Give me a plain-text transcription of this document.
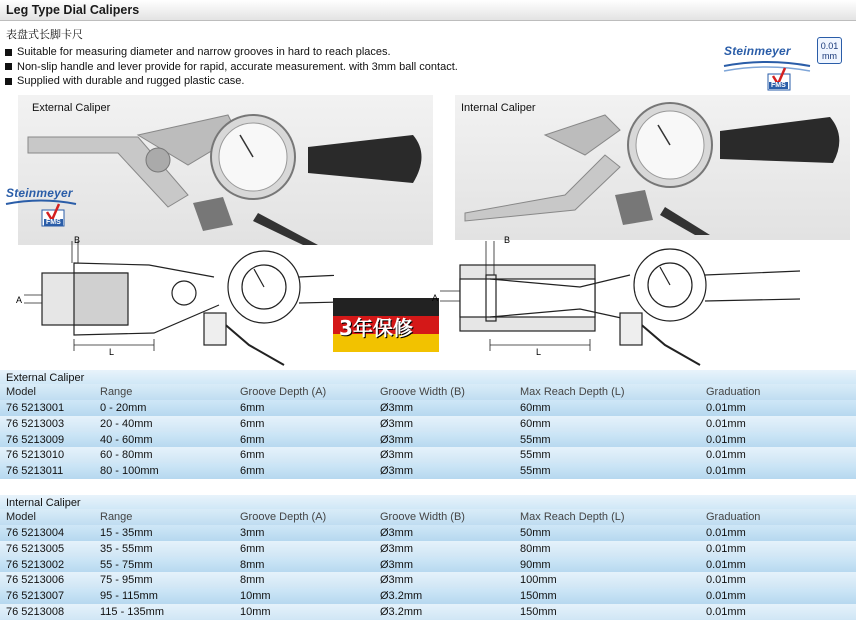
Leg Type Dial Calipers
表盘式长脚卡尺
Suitable for measuring diameter and narrow grooves in hard to reach places.
Non-slip handle and lever provide for rapid, accurate measurement. with 3mm ball contact.
Supplied with durable and rugged plastic case.
Steinmeyer
FMS
0.01
mm
External Caliper	Internal Caliper
Steinmeyer
FMS
3年保修
B
A
L
B
A
L
External Caliper
Model	Range	Groove Depth (A)	Groove Width (B)	Max Reach Depth (L)	Graduation
76 5213001	0 - 20mm	6mm	Ø3mm	60mm	0.01mm
76 5213003	20 - 40mm	6mm	Ø3mm	60mm	0.01mm
76 5213009	40 - 60mm	6mm	Ø3mm	55mm	0.01mm
76 5213010	60 - 80mm	6mm	Ø3mm	55mm	0.01mm
76 5213011	80 - 100mm	6mm	Ø3mm	55mm	0.01mm
Internal Caliper
Model	Range	Groove Depth (A)	Groove Width (B)	Max Reach Depth (L)	Graduation
76 5213004	15 - 35mm	3mm	Ø3mm	50mm	0.01mm
76 5213005	35 - 55mm	6mm	Ø3mm	80mm	0.01mm
76 5213002	55 - 75mm	8mm	Ø3mm	90mm	0.01mm
76 5213006	75 - 95mm	8mm	Ø3mm	100mm	0.01mm
76 5213007	95 - 115mm	10mm	Ø3.2mm	150mm	0.01mm
76 5213008	115 - 135mm	10mm	Ø3.2mm	150mm	0.01mm
